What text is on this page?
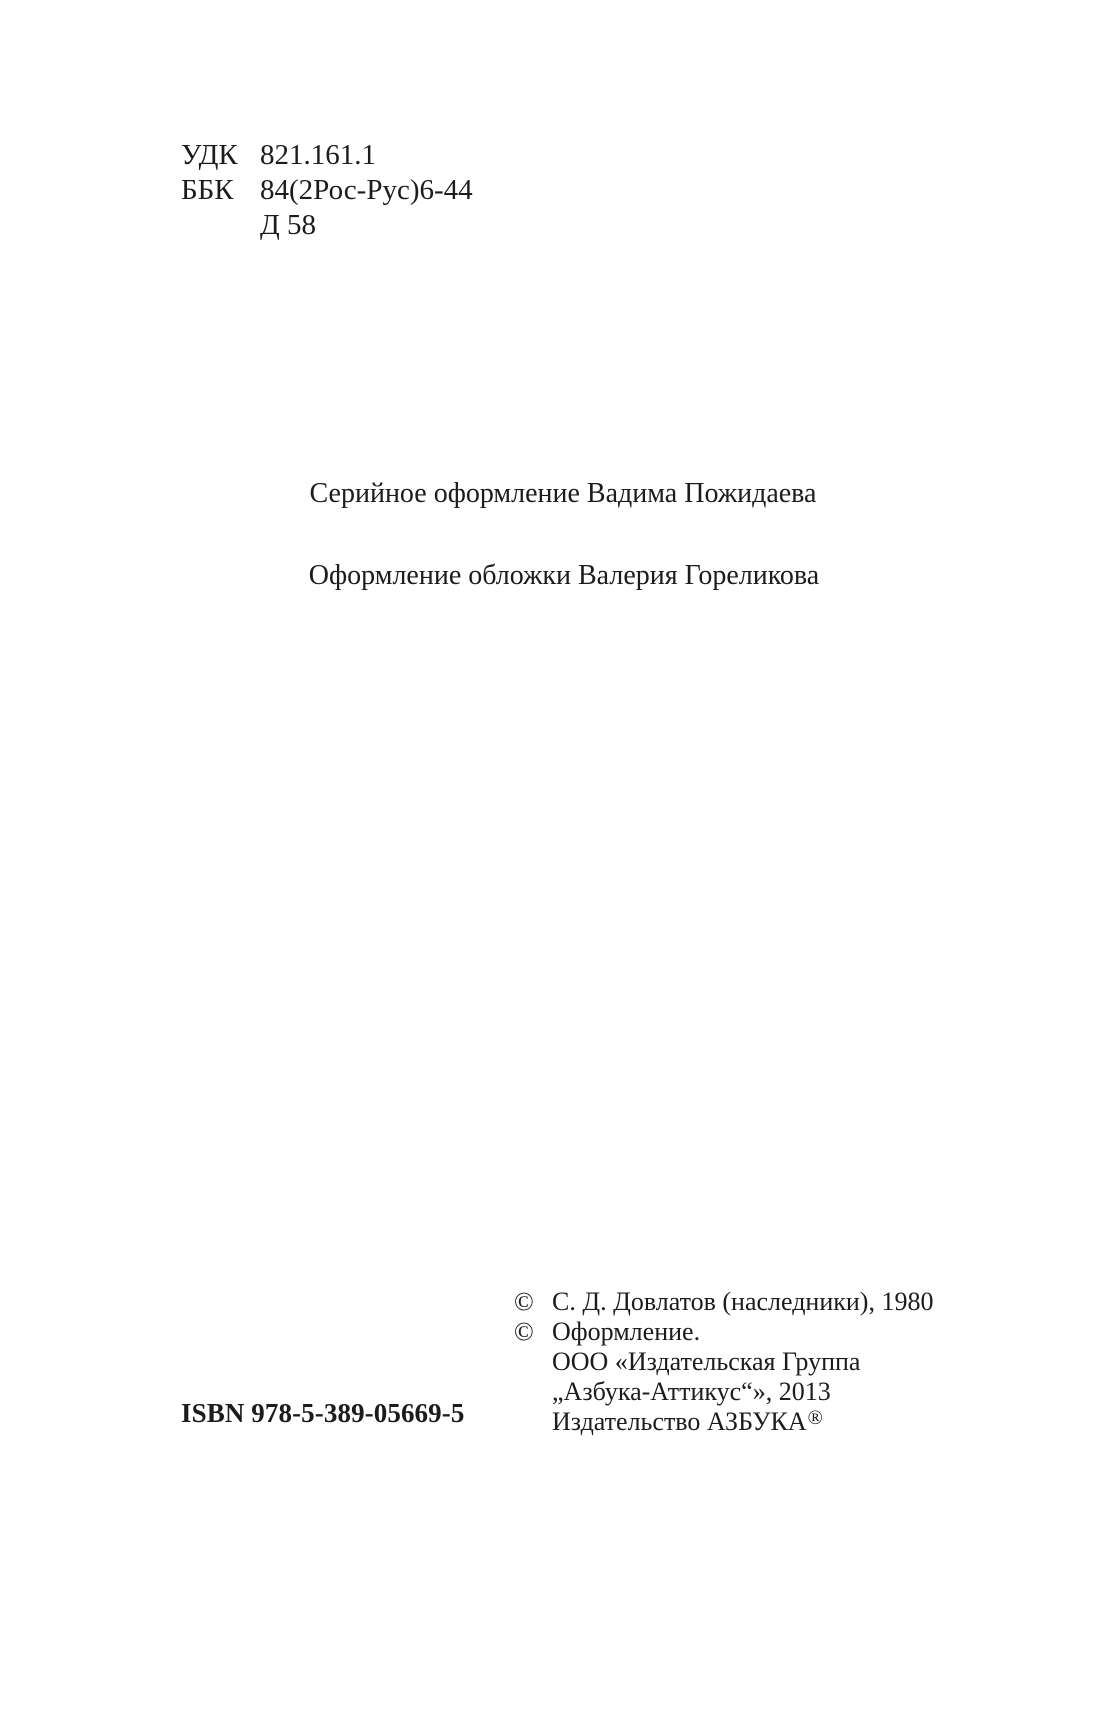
УДК 821.161.1
ББК 84(2Рос-Рус)6-44
Д 58
Серийное оформление Вадима Пожидаева
Оформление обложки Валерия Гореликова
ISBN 978-5-389-05669-5
© С. Д. Довлатов (наследники), 1980
© Оформление.
ООО «Издательская Группа
„Азбука-Аттикус“», 2013
Издательство АЗБУКА ®
